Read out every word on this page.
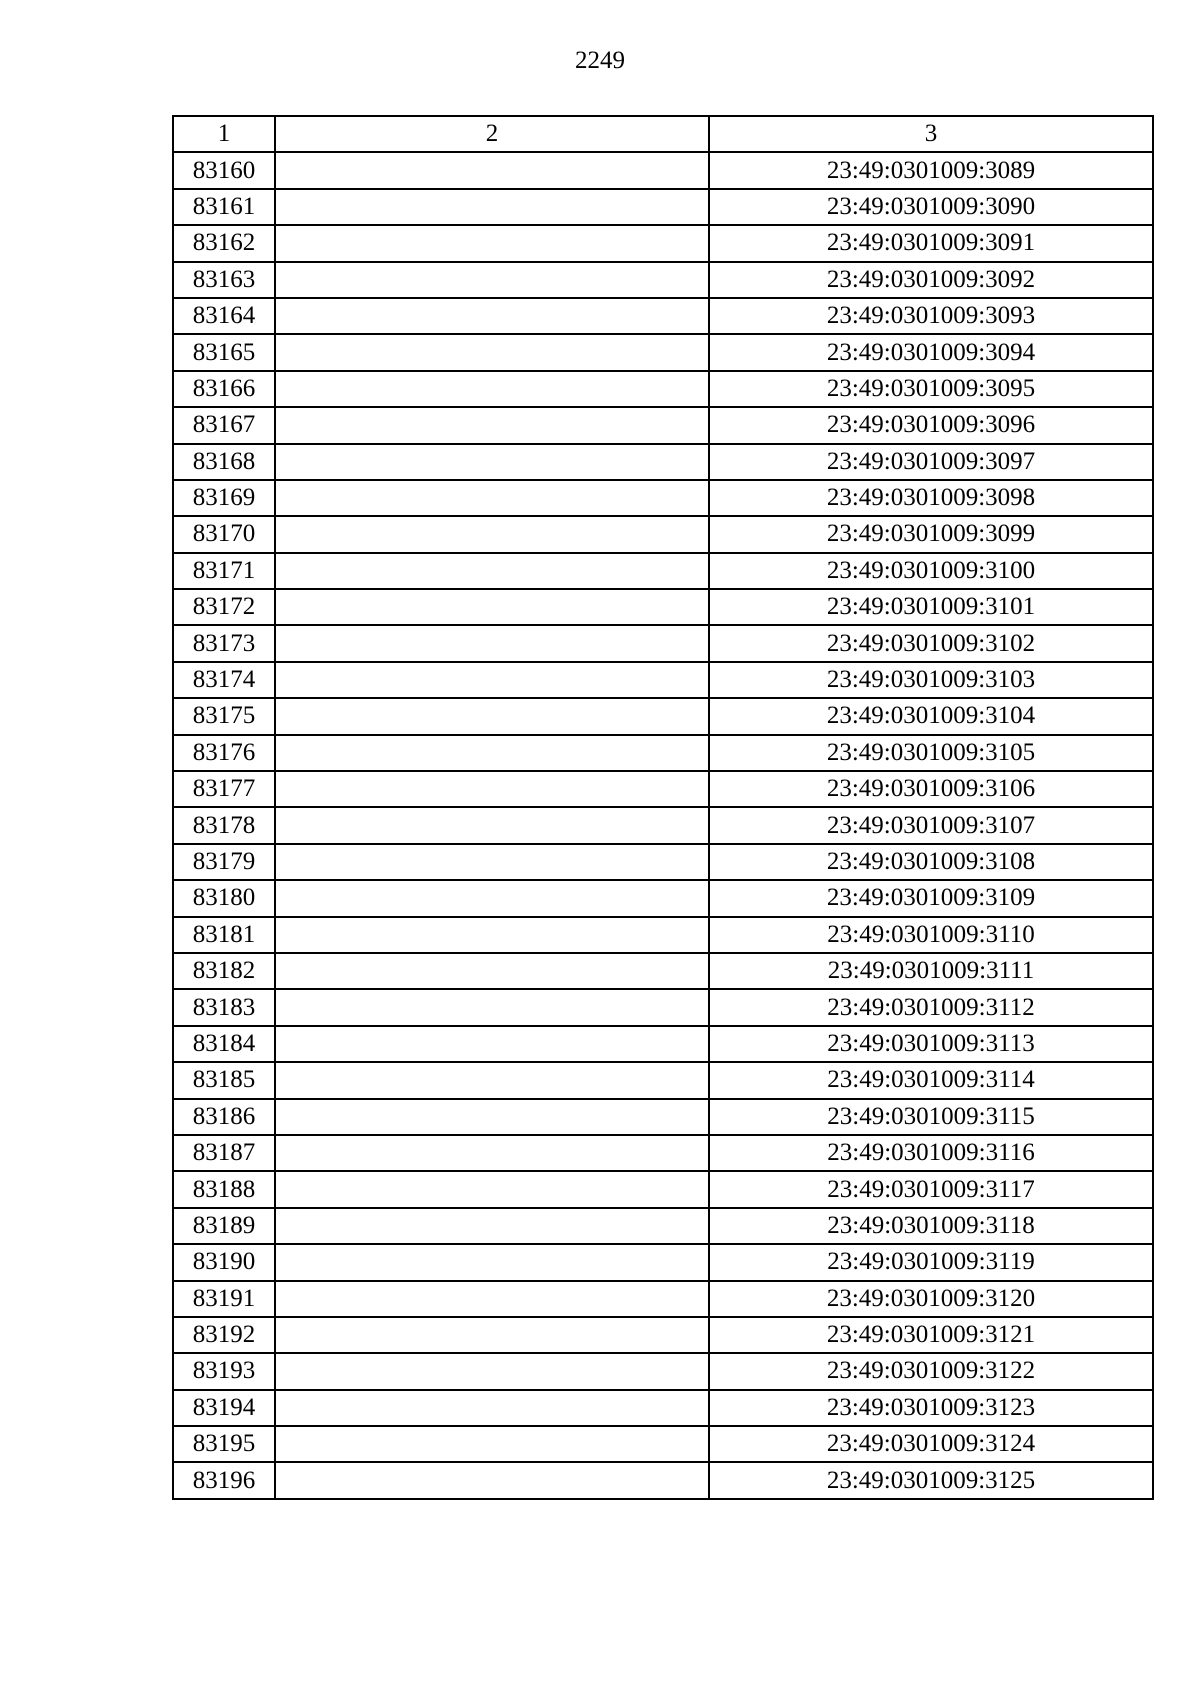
2249
1	2	3
83160		23:49:0301009:3089
83161		23:49:0301009:3090
83162		23:49:0301009:3091
83163		23:49:0301009:3092
83164		23:49:0301009:3093
83165		23:49:0301009:3094
83166		23:49:0301009:3095
83167		23:49:0301009:3096
83168		23:49:0301009:3097
83169		23:49:0301009:3098
83170		23:49:0301009:3099
83171		23:49:0301009:3100
83172		23:49:0301009:3101
83173		23:49:0301009:3102
83174		23:49:0301009:3103
83175		23:49:0301009:3104
83176		23:49:0301009:3105
83177		23:49:0301009:3106
83178		23:49:0301009:3107
83179		23:49:0301009:3108
83180		23:49:0301009:3109
83181		23:49:0301009:3110
83182		23:49:0301009:3111
83183		23:49:0301009:3112
83184		23:49:0301009:3113
83185		23:49:0301009:3114
83186		23:49:0301009:3115
83187		23:49:0301009:3116
83188		23:49:0301009:3117
83189		23:49:0301009:3118
83190		23:49:0301009:3119
83191		23:49:0301009:3120
83192		23:49:0301009:3121
83193		23:49:0301009:3122
83194		23:49:0301009:3123
83195		23:49:0301009:3124
83196		23:49:0301009:3125
